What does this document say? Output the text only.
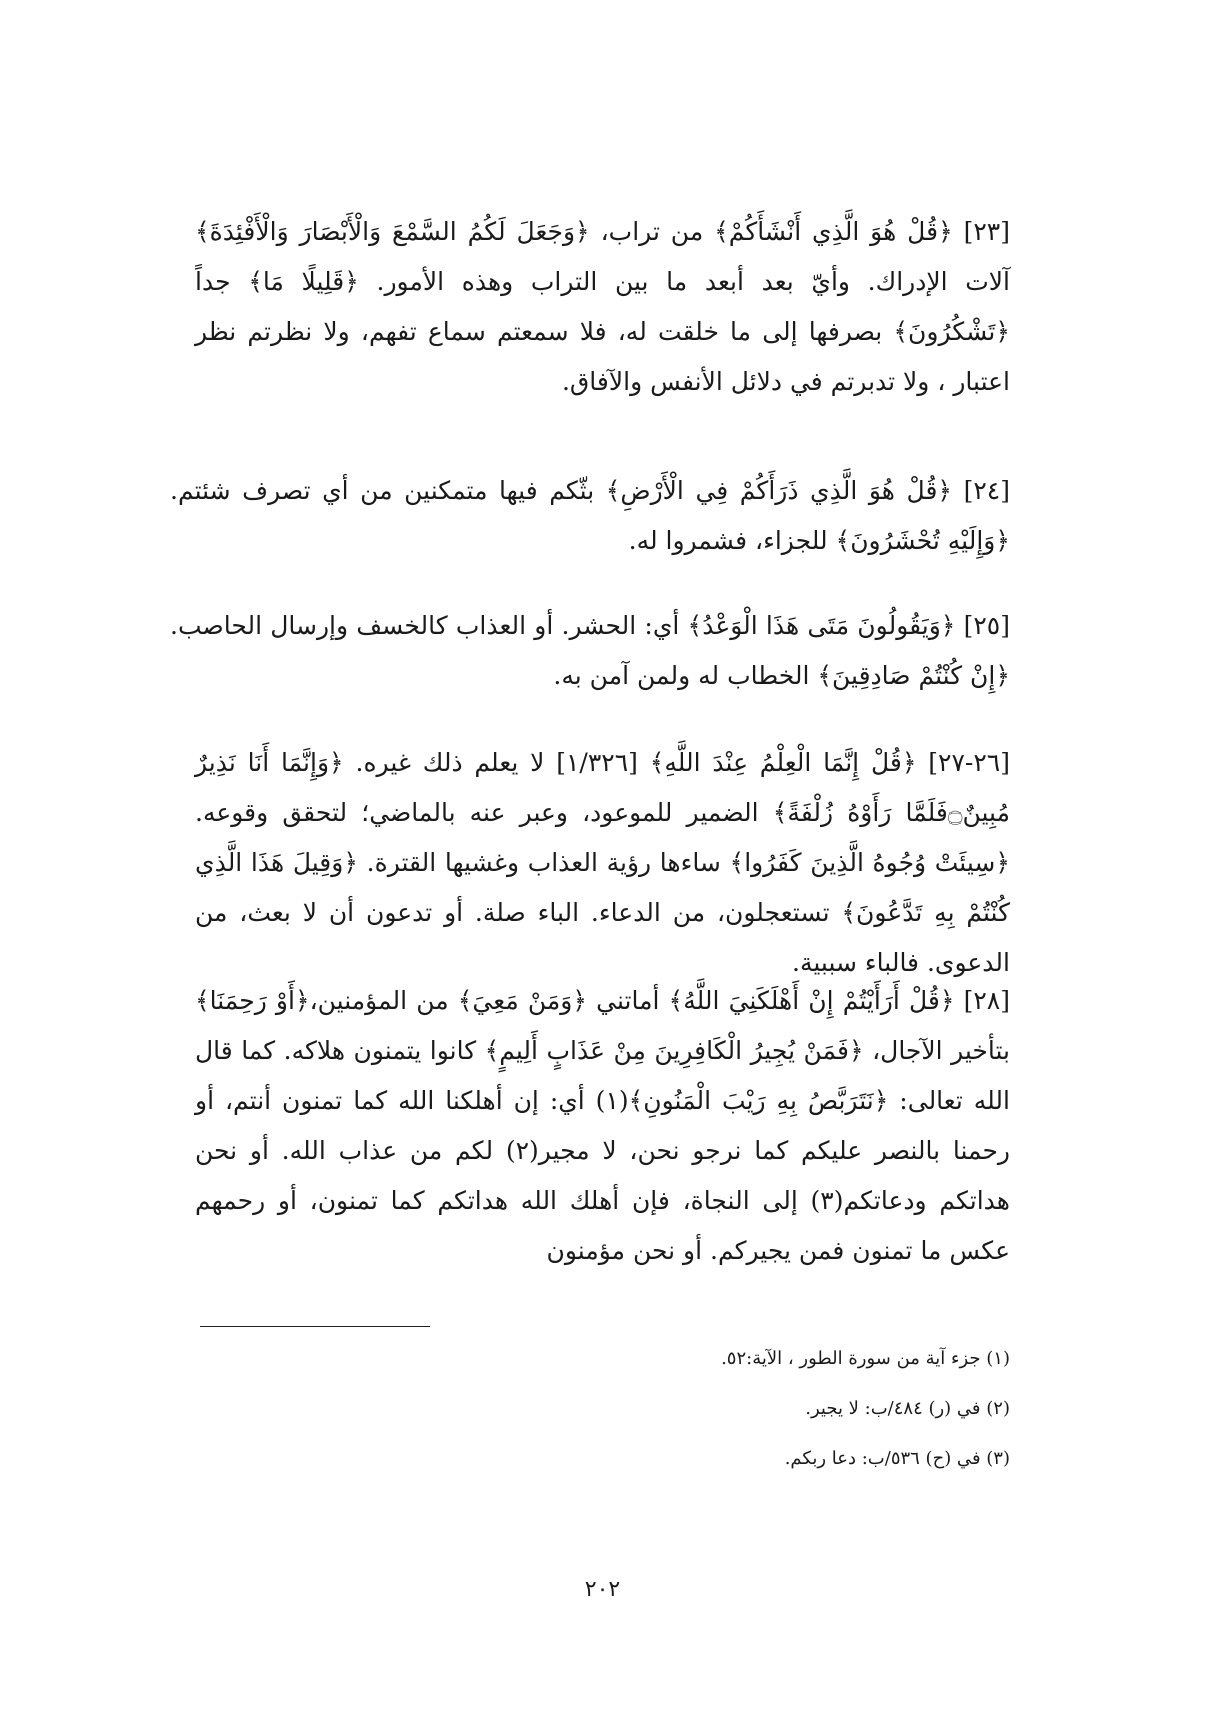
[٢٣] ﴿قُلْ هُوَ الَّذِي أَنْشَأَكُمْ﴾ من تراب، ﴿وَجَعَلَ لَكُمُ السَّمْعَ وَالْأَبْصَارَ وَالْأَفْئِدَةَ﴾ آلات الإدراك. وأيّ بعد أبعد ما بين التراب وهذه الأمور. ﴿قَلِيلًا مَا﴾ جداً ﴿تَشْكُرُونَ﴾ بصرفها إلى ما خلقت له، فلا سمعتم سماع تفهم، ولا نظرتم نظر اعتبار ، ولا تدبرتم في دلائل الأنفس والآفاق.

[٢٤] ﴿قُلْ هُوَ الَّذِي ذَرَأَكُمْ فِي الْأَرْضِ﴾ بثّكم فيها متمكنين من أي تصرف شئتم. ﴿وَإِلَيْهِ تُحْشَرُونَ﴾ للجزاء، فشمروا له.

[٢٥] ﴿وَيَقُولُونَ مَتَى هَذَا الْوَعْدُ﴾ أي: الحشر. أو العذاب كالخسف وإرسال الحاصب. ﴿إِنْ كُنْتُمْ صَادِقِينَ﴾ الخطاب له ولمن آمن به.

[٢٦-٢٧] ﴿قُلْ إِنَّمَا الْعِلْمُ عِنْدَ اللَّهِ﴾ [١/٣٢٦] لا يعلم ذلك غيره. ﴿وَإِنَّمَا أَنَا نَذِيرٌ مُبِينٌ۝فَلَمَّا رَأَوْهُ زُلْفَةً﴾ الضمير للموعود، وعبر عنه بالماضي؛ لتحقق وقوعه.﴿سِيئَتْ وُجُوهُ الَّذِينَ كَفَرُوا﴾ ساءها رؤية العذاب وغشيها القترة. ﴿وَقِيلَ هَذَا الَّذِي كُنْتُمْ بِهِ تَدَّعُونَ﴾ تستعجلون، من الدعاء. الباء صلة. أو تدعون أن لا بعث، من الدعوى. فالباء سببية.

[٢٨] ﴿قُلْ أَرَأَيْتُمْ إِنْ أَهْلَكَنِيَ اللَّهُ﴾ أماتني ﴿وَمَنْ مَعِيَ﴾ من المؤمنين،﴿أَوْ رَحِمَنَا﴾ بتأخير الآجال، ﴿فَمَنْ يُجِيرُ الْكَافِرِينَ مِنْ عَذَابٍ أَلِيمٍ﴾ كانوا يتمنون هلاكه. كما قال الله تعالى: ﴿نَتَرَبَّصُ بِهِ رَيْبَ الْمَنُونِ﴾(١) أي: إن أهلكنا الله كما تمنون أنتم، أو رحمنا بالنصر عليكم كما نرجو نحن، لا مجير(٢) لكم من عذاب الله. أو نحن هداتكم ودعاتكم(٣) إلى النجاة، فإن أهلك الله هداتكم كما تمنون، أو رحمهم عكس ما تمنون فمن يجيركم. أو نحن مؤمنون

(١) جزء آية من سورة الطور ، الآية:٥٢.

(٢) في (ر) ٤٨٤/ب: لا يجير.

(٣) في (ح) ٥٣٦/ب: دعا ربكم.

٢٠٢
